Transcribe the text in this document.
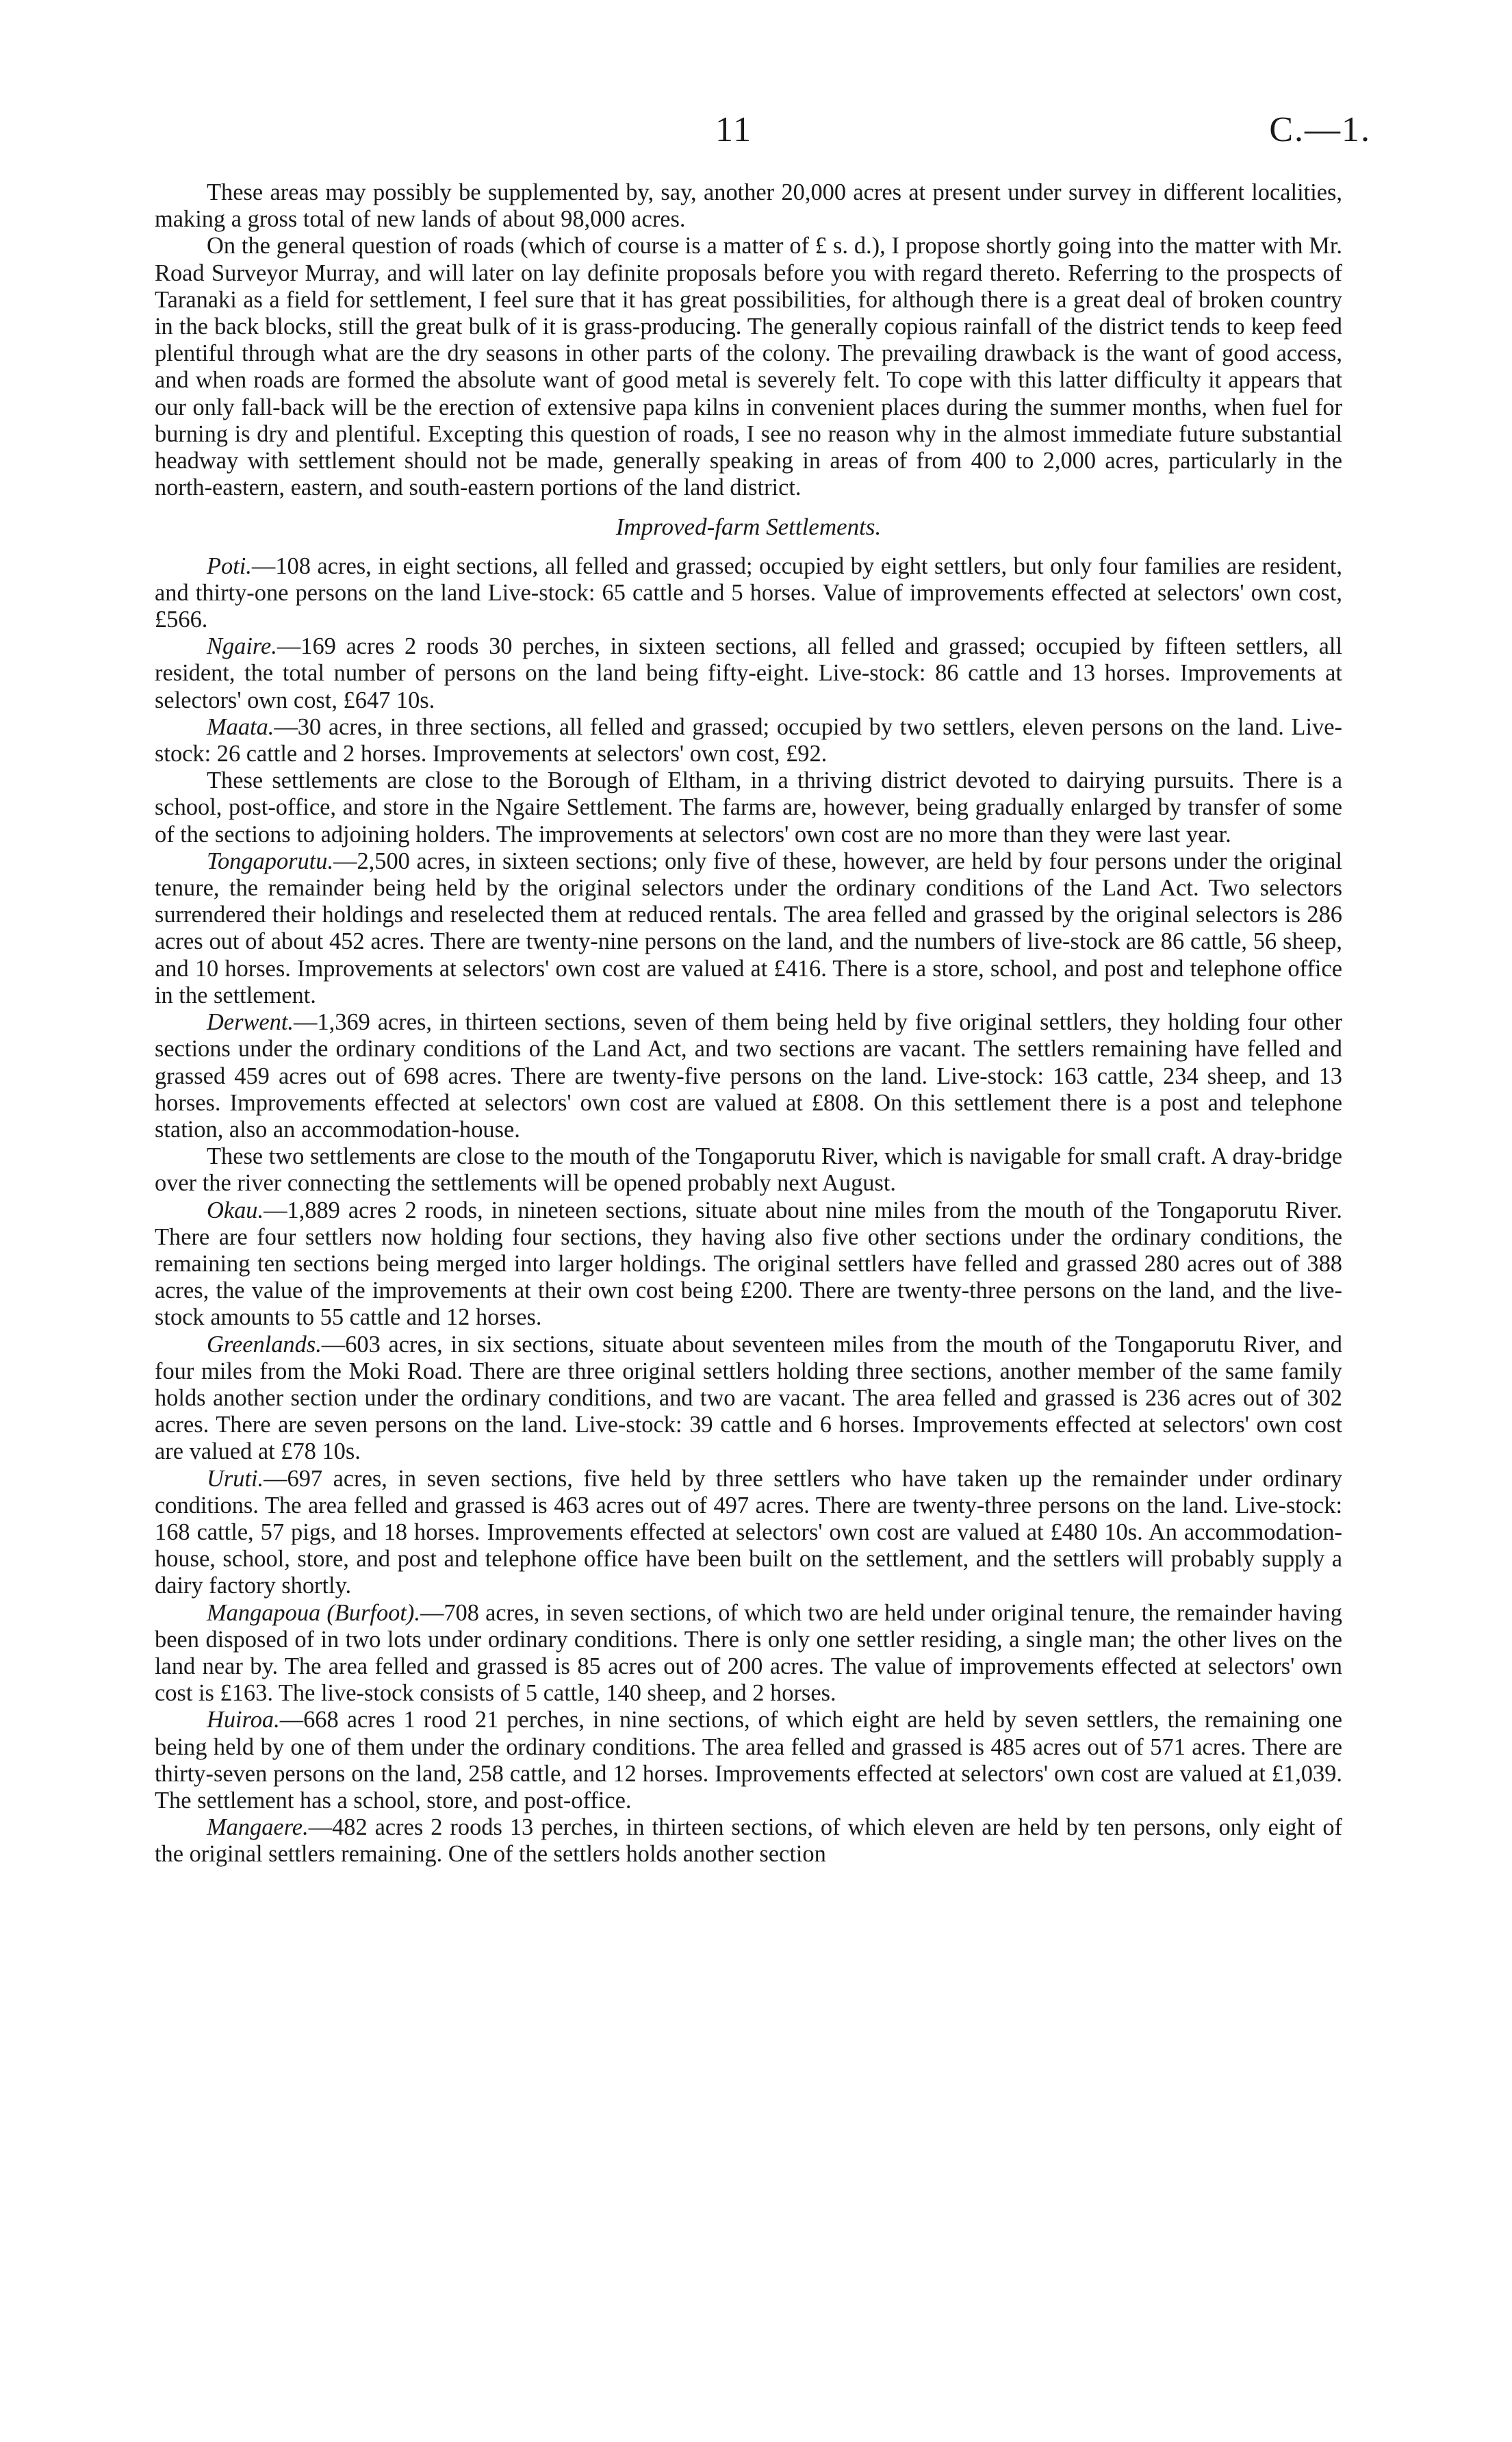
11	C.—1.

These areas may possibly be supplemented by, say, another 20,000 acres at present under survey in different localities, making a gross total of new lands of about 98,000 acres.

On the general question of roads (which of course is a matter of £ s. d.), I propose shortly going into the matter with Mr. Road Surveyor Murray, and will later on lay definite proposals before you with regard thereto. Referring to the prospects of Taranaki as a field for settlement, I feel sure that it has great possibilities, for although there is a great deal of broken country in the back blocks, still the great bulk of it is grass-producing. The generally copious rainfall of the district tends to keep feed plentiful through what are the dry seasons in other parts of the colony. The prevailing drawback is the want of good access, and when roads are formed the absolute want of good metal is severely felt. To cope with this latter difficulty it appears that our only fall-back will be the erection of extensive papa kilns in convenient places during the summer months, when fuel for burning is dry and plentiful. Excepting this question of roads, I see no reason why in the almost immediate future substantial headway with settlement should not be made, generally speaking in areas of from 400 to 2,000 acres, particularly in the north-eastern, eastern, and south-eastern portions of the land district.

Improved-farm Settlements.

Poti.—108 acres, in eight sections, all felled and grassed; occupied by eight settlers, but only four families are resident, and thirty-one persons on the land Live-stock: 65 cattle and 5 horses. Value of improvements effected at selectors' own cost, £566.

Ngaire.—169 acres 2 roods 30 perches, in sixteen sections, all felled and grassed; occupied by fifteen settlers, all resident, the total number of persons on the land being fifty-eight. Live-stock: 86 cattle and 13 horses. Improvements at selectors' own cost, £647 10s.

Maata.—30 acres, in three sections, all felled and grassed; occupied by two settlers, eleven persons on the land. Live-stock: 26 cattle and 2 horses. Improvements at selectors' own cost, £92.

These settlements are close to the Borough of Eltham, in a thriving district devoted to dairying pursuits. There is a school, post-office, and store in the Ngaire Settlement. The farms are, however, being gradually enlarged by transfer of some of the sections to adjoining holders. The improvements at selectors' own cost are no more than they were last year.

Tongaporutu.—2,500 acres, in sixteen sections; only five of these, however, are held by four persons under the original tenure, the remainder being held by the original selectors under the ordinary conditions of the Land Act. Two selectors surrendered their holdings and reselected them at reduced rentals. The area felled and grassed by the original selectors is 286 acres out of about 452 acres. There are twenty-nine persons on the land, and the numbers of live-stock are 86 cattle, 56 sheep, and 10 horses. Improvements at selectors' own cost are valued at £416. There is a store, school, and post and telephone office in the settlement.

Derwent.—1,369 acres, in thirteen sections, seven of them being held by five original settlers, they holding four other sections under the ordinary conditions of the Land Act, and two sections are vacant. The settlers remaining have felled and grassed 459 acres out of 698 acres. There are twenty-five persons on the land. Live-stock: 163 cattle, 234 sheep, and 13 horses. Improvements effected at selectors' own cost are valued at £808. On this settlement there is a post and telephone station, also an accommodation-house.

These two settlements are close to the mouth of the Tongaporutu River, which is navigable for small craft. A dray-bridge over the river connecting the settlements will be opened probably next August.

Okau.—1,889 acres 2 roods, in nineteen sections, situate about nine miles from the mouth of the Tongaporutu River. There are four settlers now holding four sections, they having also five other sections under the ordinary conditions, the remaining ten sections being merged into larger holdings. The original settlers have felled and grassed 280 acres out of 388 acres, the value of the improvements at their own cost being £200. There are twenty-three persons on the land, and the live-stock amounts to 55 cattle and 12 horses.

Greenlands.—603 acres, in six sections, situate about seventeen miles from the mouth of the Tongaporutu River, and four miles from the Moki Road. There are three original settlers holding three sections, another member of the same family holds another section under the ordinary conditions, and two are vacant. The area felled and grassed is 236 acres out of 302 acres. There are seven persons on the land. Live-stock: 39 cattle and 6 horses. Improvements effected at selectors' own cost are valued at £78 10s.

Uruti.—697 acres, in seven sections, five held by three settlers who have taken up the remainder under ordinary conditions. The area felled and grassed is 463 acres out of 497 acres. There are twenty-three persons on the land. Live-stock: 168 cattle, 57 pigs, and 18 horses. Improvements effected at selectors' own cost are valued at £480 10s. An accommodation-house, school, store, and post and telephone office have been built on the settlement, and the settlers will probably supply a dairy factory shortly.

Mangapoua (Burfoot).—708 acres, in seven sections, of which two are held under original tenure, the remainder having been disposed of in two lots under ordinary conditions. There is only one settler residing, a single man; the other lives on the land near by. The area felled and grassed is 85 acres out of 200 acres. The value of improvements effected at selectors' own cost is £163. The live-stock consists of 5 cattle, 140 sheep, and 2 horses.

Huiroa.—668 acres 1 rood 21 perches, in nine sections, of which eight are held by seven settlers, the remaining one being held by one of them under the ordinary conditions. The area felled and grassed is 485 acres out of 571 acres. There are thirty-seven persons on the land, 258 cattle, and 12 horses. Improvements effected at selectors' own cost are valued at £1,039. The settlement has a school, store, and post-office.

Mangaere.—482 acres 2 roods 13 perches, in thirteen sections, of which eleven are held by ten persons, only eight of the original settlers remaining. One of the settlers holds another section
